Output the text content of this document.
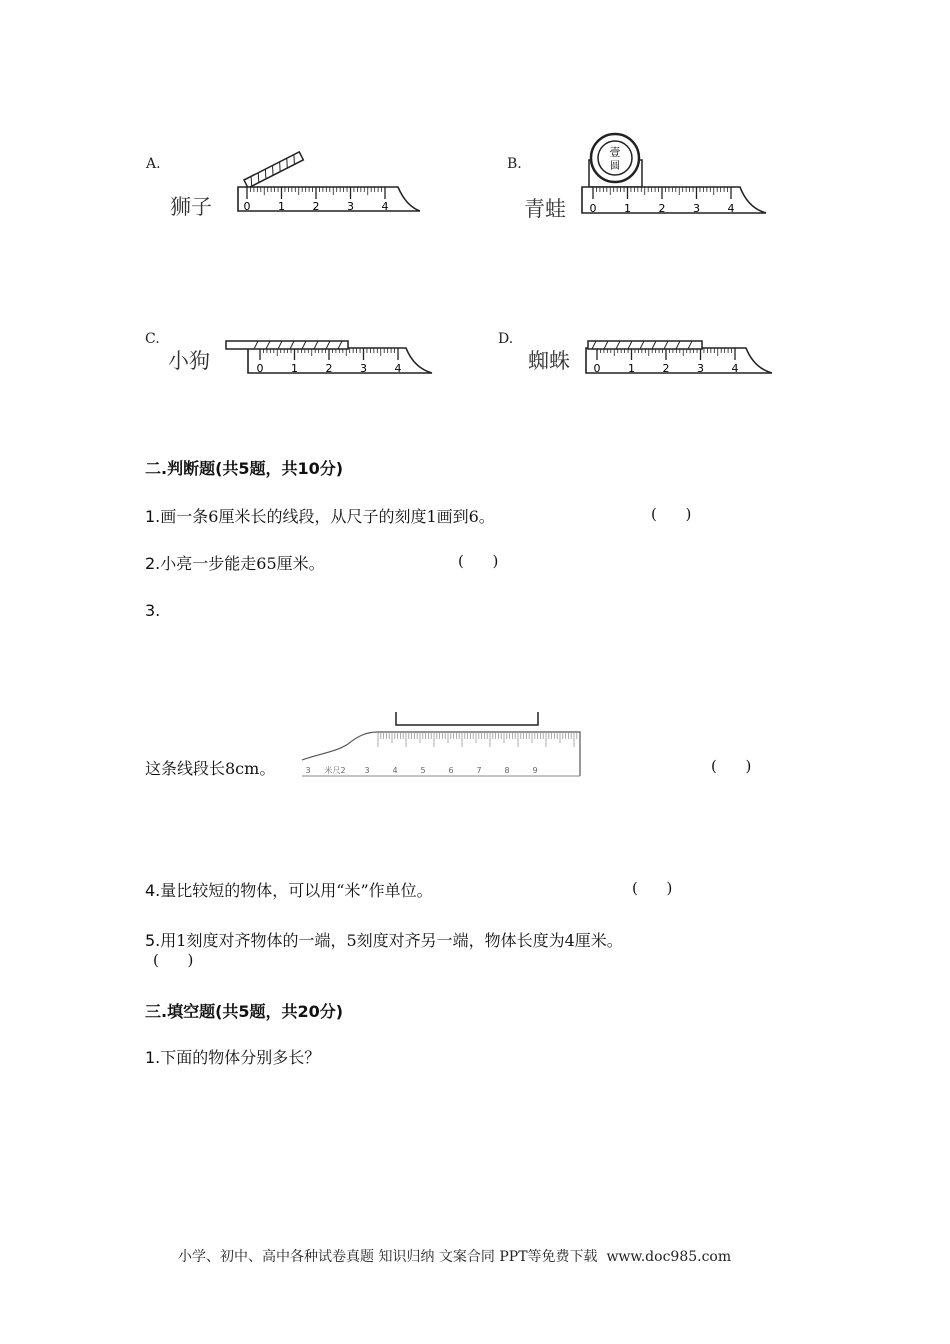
A.
狮子	0	1	2	3	4
B.
青蛙
壹
圆
0	1	2	3	4
C.
小狗	0	1	2	3	4
D.
蜘蛛 0	1	2	3	4
二.判断题(共5题，共10分)
1.画一条6厘米长的线段，从尺子的刻度1画到6。	(      )
2.小亮一步能走65厘米。	(      )
3.
这条线段长8cm。	3 米尺2 3	4	5	6	7	8	9	(      )
4.量比较短的物体，可以用“米”作单位。	(      )
5.用1刻度对齐物体的一端，5刻度对齐另一端，物体长度为4厘米。
(      )
三.填空题(共5题，共20分)
1.下面的物体分别多长？
小学、初中、高中各种试卷真题 知识归纳 文案合同 PPT等免费下载 www.doc985.com
